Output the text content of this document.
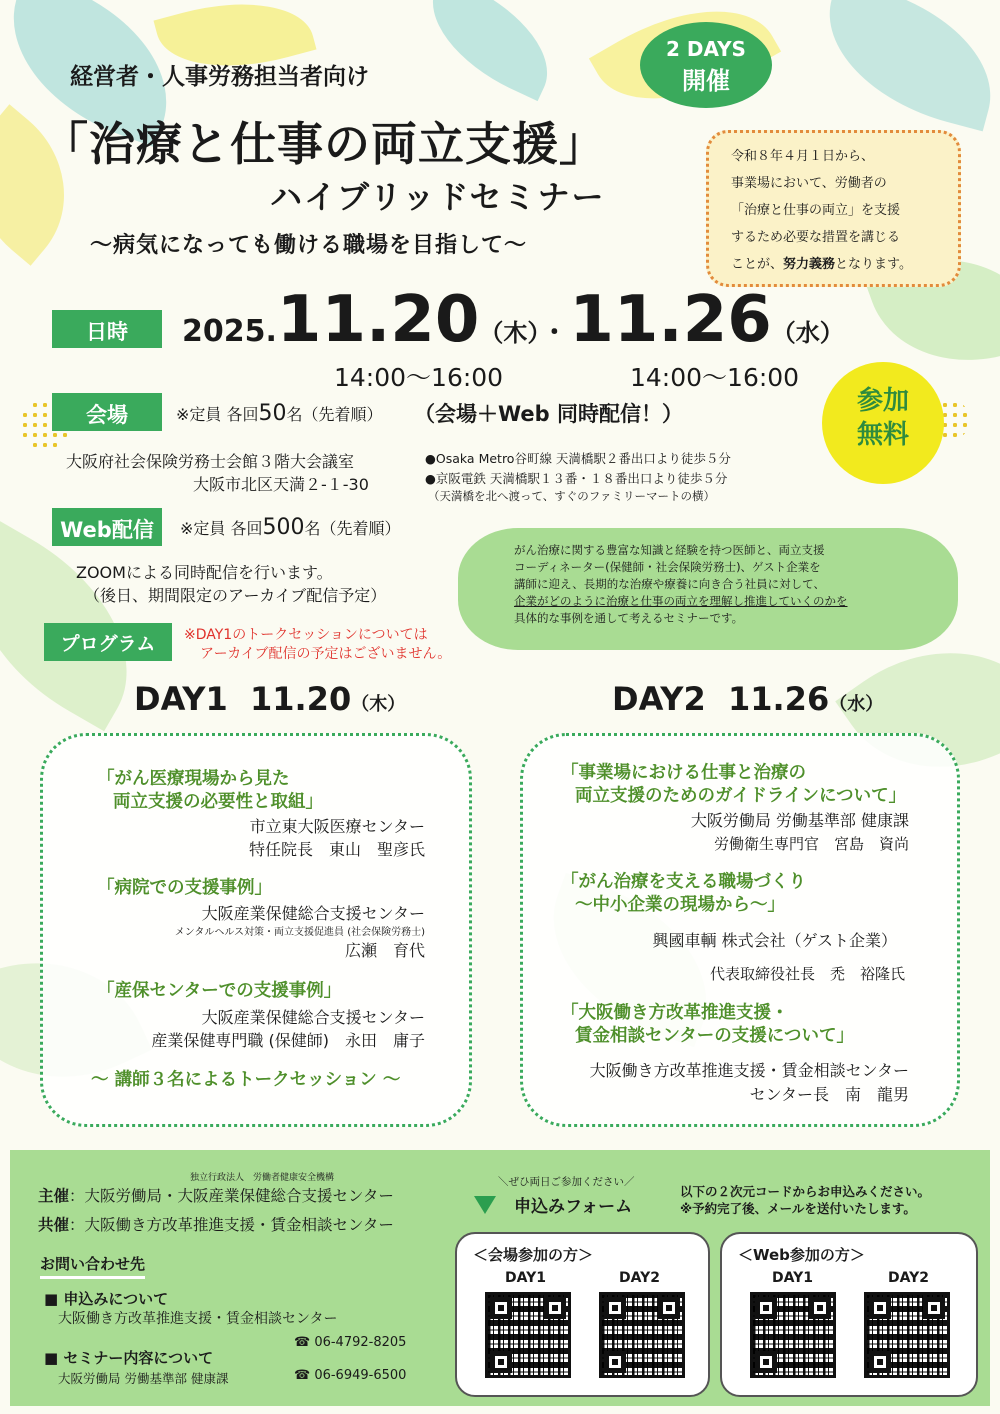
経営者・人事労務担当者向け
2 DAYS
開催
「治療と仕事の両立支援」
ハイブリッドセミナー
〜病気になっても働ける職場を目指して〜
令和８年４月１日から、
事業場において、労働者の
「治療と仕事の両立」を支援
するため必要な措置を講じる
ことが、努力義務となります。
日時	2025.11.20（木）・11.26（水）
14:00〜16:00	14:00〜16:00
参加
無料
会場	※定員 各回50名（先着順） （会場＋Web 同時配信！）
大阪府社会保険労務士会館３階大会議室
大阪市北区天満２-１-30
●Osaka Metro谷町線 天満橋駅２番出口より徒歩５分
●京阪電鉄 天満橋駅１３番・１８番出口より徒歩５分
（天満橋を北へ渡って、すぐのファミリーマートの横）
Web配信	※定員 各回500名（先着順）
ZOOMによる同時配信を行います。
（後日、期間限定のアーカイブ配信予定）
がん治療に関する豊富な知識と経験を持つ医師と、両立支援
コーディネーター(保健師・社会保険労務士)、ゲスト企業を
講師に迎え、長期的な治療や療養に向き合う社員に対して、
企業がどのように治療と仕事の両立を理解し推進していくのかを
具体的な事例を通して考えるセミナーです。
プログラム	※DAY1のトークセッションについては
アーカイブ配信の予定はございません。
DAY1  11.20（木）	DAY2  11.26（水）
「がん医療現場から見た
両立支援の必要性と取組」
市立東大阪医療センター
特任院長　東山　聖彦氏
「病院での支援事例」
大阪産業保健総合支援センター
メンタルヘルス対策・両立支援促進員 (社会保険労務士)
広瀬　育代
「産保センターでの支援事例」
大阪産業保健総合支援センター
産業保健専門職 (保健師)　永田　庸子
〜 講師３名によるトークセッション 〜
「事業場における仕事と治療の
両立支援のためのガイドラインについて」
大阪労働局 労働基準部 健康課
労働衛生専門官　宮島　資尚
「がん治療を支える職場づくり
〜中小企業の現場から〜」
興國車輌 株式会社（ゲスト企業）
代表取締役社長　禿　裕隆氏
「大阪働き方改革推進支援・
賃金相談センターの支援について」
大阪働き方改革推進支援・賃金相談センター
センター長　南　龍男
独立行政法人　労働者健康安全機構
主催：大阪労働局・大阪産業保健総合支援センター
共催：大阪働き方改革推進支援・賃金相談センター
お問い合わせ先
■ 申込みについて
大阪働き方改革推進支援・賃金相談センター
☎ 06-4792-8205
■ セミナー内容について
大阪労働局 労働基準部 健康課	☎ 06-6949-6500
＼ぜひ両日ご参加ください／
申込みフォーム
以下の２次元コードからお申込みください。
※予約完了後、メールを送付いたします。
＜会場参加の方＞
DAY1	DAY2
＜Web参加の方＞
DAY1	DAY2
